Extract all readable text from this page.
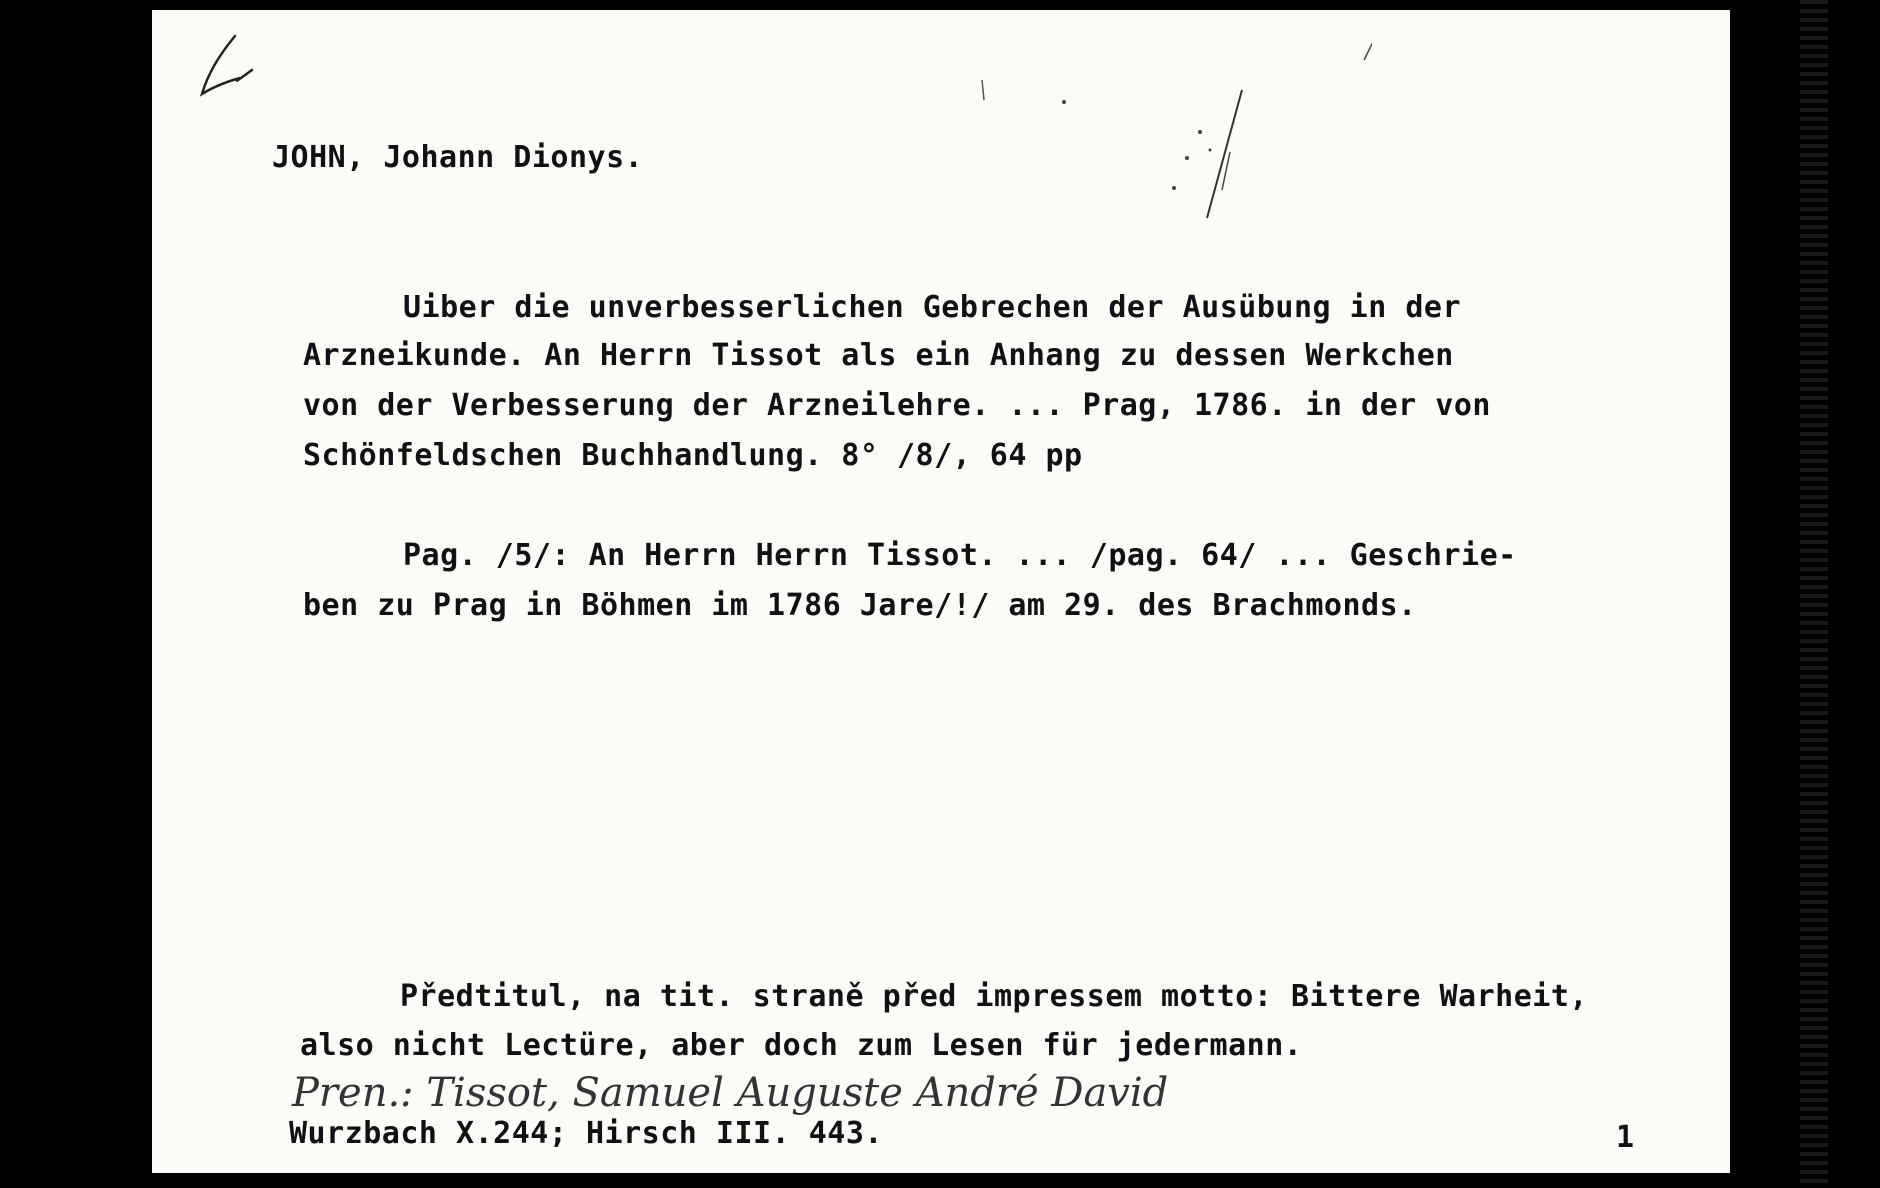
JOHN, Johann Dionys.
Uiber die unverbesserlichen Gebrechen der Ausübung in der
Arzneikunde. An Herrn Tissot als ein Anhang zu dessen Werkchen
von der Verbesserung der Arzneilehre. ... Prag, 1786. in der von
Schönfeldschen Buchhandlung. 8° /8/, 64 pp
Pag. /5/: An Herrn Herrn Tissot. ... /pag. 64/ ... Geschrie-
ben zu Prag in Böhmen im 1786 Jare/!/ am 29. des Brachmonds.
Předtitul, na tit. straně před impressem motto: Bittere Warheit,
also nicht Lectüre, aber doch zum Lesen für jedermann.
Pren.: Tissot, Samuel Auguste André David
Wurzbach X.244; Hirsch III. 443.	1
